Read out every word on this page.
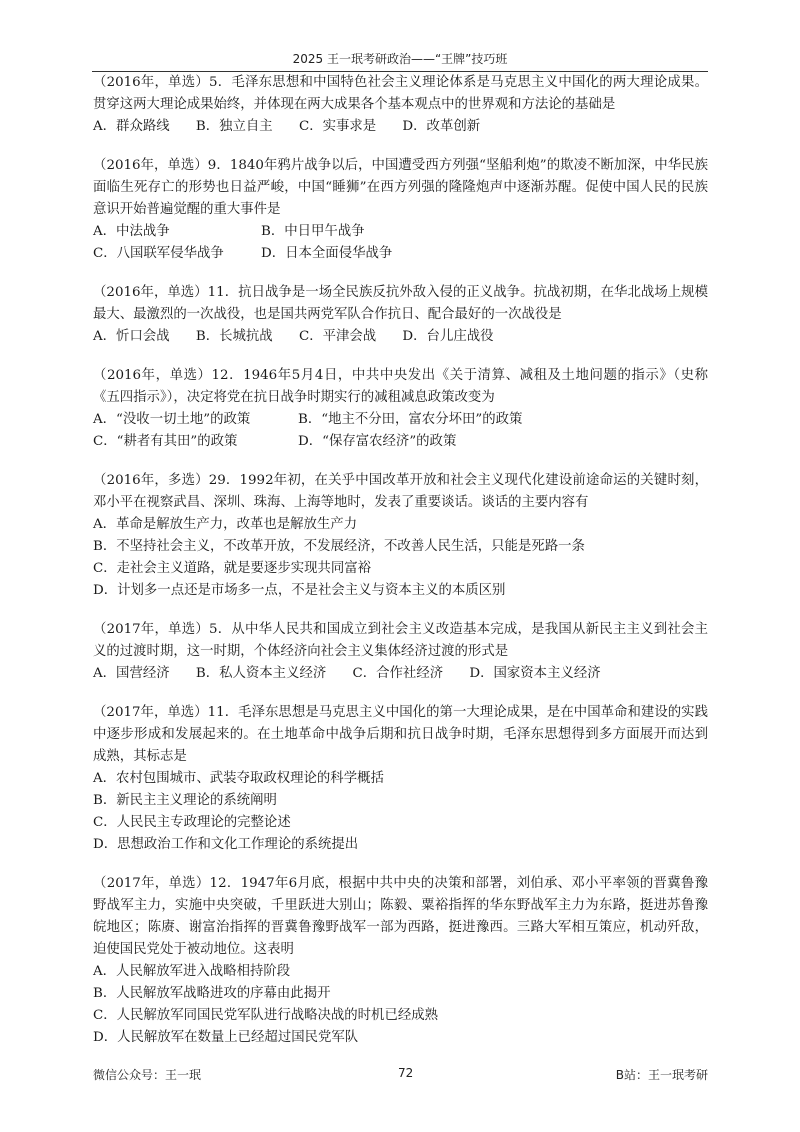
2025 王一珉考研政治——“王牌”技巧班

（2016年，单选）5．毛泽东思想和中国特色社会主义理论体系是马克思主义中国化的两大理论成果。贯穿这两大理论成果始终，并体现在两大成果各个基本观点中的世界观和方法论的基础是

A．群众路线 B．独立自主 C．实事求是 D．改革创新

（2016年，单选）9．1840年鸦片战争以后，中国遭受西方列强“坚船利炮”的欺凌不断加深，中华民族面临生死存亡的形势也日益严峻，中国“睡狮”在西方列强的隆隆炮声中逐渐苏醒。促使中国人民的民族意识开始普遍觉醒的重大事件是

A．中法战争	B．中日甲午战争

C．八国联军侵华战争	D．日本全面侵华战争

（2016年，单选）11．抗日战争是一场全民族反抗外敌入侵的正义战争。抗战初期，在华北战场上规模最大、最激烈的一次战役，也是国共两党军队合作抗日、配合最好的一次战役是

A．忻口会战 B．长城抗战 C．平津会战 D．台儿庄战役

（2016年，单选）12．1946年5月4日，中共中央发出《关于清算、减租及土地问题的指示》（史称《五四指示》），决定将党在抗日战争时期实行的减租减息政策改变为

A．“没收一切土地”的政策	B．“地主不分田，富农分坏田”的政策

C．“耕者有其田”的政策	D．“保存富农经济”的政策

（2016年，多选）29．1992年初，在关乎中国改革开放和社会主义现代化建设前途命运的关键时刻，邓小平在视察武昌、深圳、珠海、上海等地时，发表了重要谈话。谈话的主要内容有

A．革命是解放生产力，改革也是解放生产力

B．不坚持社会主义，不改革开放，不发展经济，不改善人民生活，只能是死路一条

C．走社会主义道路，就是要逐步实现共同富裕

D．计划多一点还是市场多一点，不是社会主义与资本主义的本质区别

（2017年，单选）5．从中华人民共和国成立到社会主义改造基本完成，是我国从新民主主义到社会主义的过渡时期，这一时期，个体经济向社会主义集体经济过渡的形式是

A．国营经济 B．私人资本主义经济 C．合作社经济 D．国家资本主义经济

（2017年，单选）11．毛泽东思想是马克思主义中国化的第一大理论成果，是在中国革命和建设的实践中逐步形成和发展起来的。在土地革命中战争后期和抗日战争时期，毛泽东思想得到多方面展开而达到成熟，其标志是

A．农村包围城市、武装夺取政权理论的科学概括

B．新民主主义理论的系统阐明

C．人民民主专政理论的完整论述

D．思想政治工作和文化工作理论的系统提出

（2017年，单选）12．1947年6月底，根据中共中央的决策和部署，刘伯承、邓小平率领的晋冀鲁豫野战军主力，实施中央突破，千里跃进大别山；陈毅、粟裕指挥的华东野战军主力为东路，挺进苏鲁豫皖地区；陈赓、谢富治指挥的晋冀鲁豫野战军一部为西路，挺进豫西。三路大军相互策应，机动歼敌，迫使国民党处于被动地位。这表明

A．人民解放军进入战略相持阶段

B．人民解放军战略进攻的序幕由此揭开

C．人民解放军同国民党军队进行战略决战的时机已经成熟

D．人民解放军在数量上已经超过国民党军队

微信公众号：王一珉	72	B站：王一珉考研
